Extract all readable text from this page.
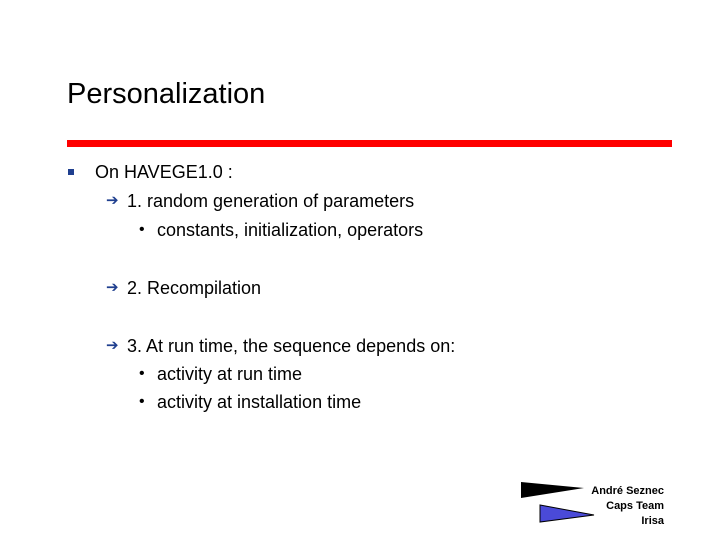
Personalization
On HAVEGE1.0 :
➔ 1. random generation of parameters
• constants, initialization, operators
➔ 2. Recompilation
➔ 3. At run time, the sequence depends on:
• activity at run time
• activity at installation time
André Seznec
Caps Team
Irisa
